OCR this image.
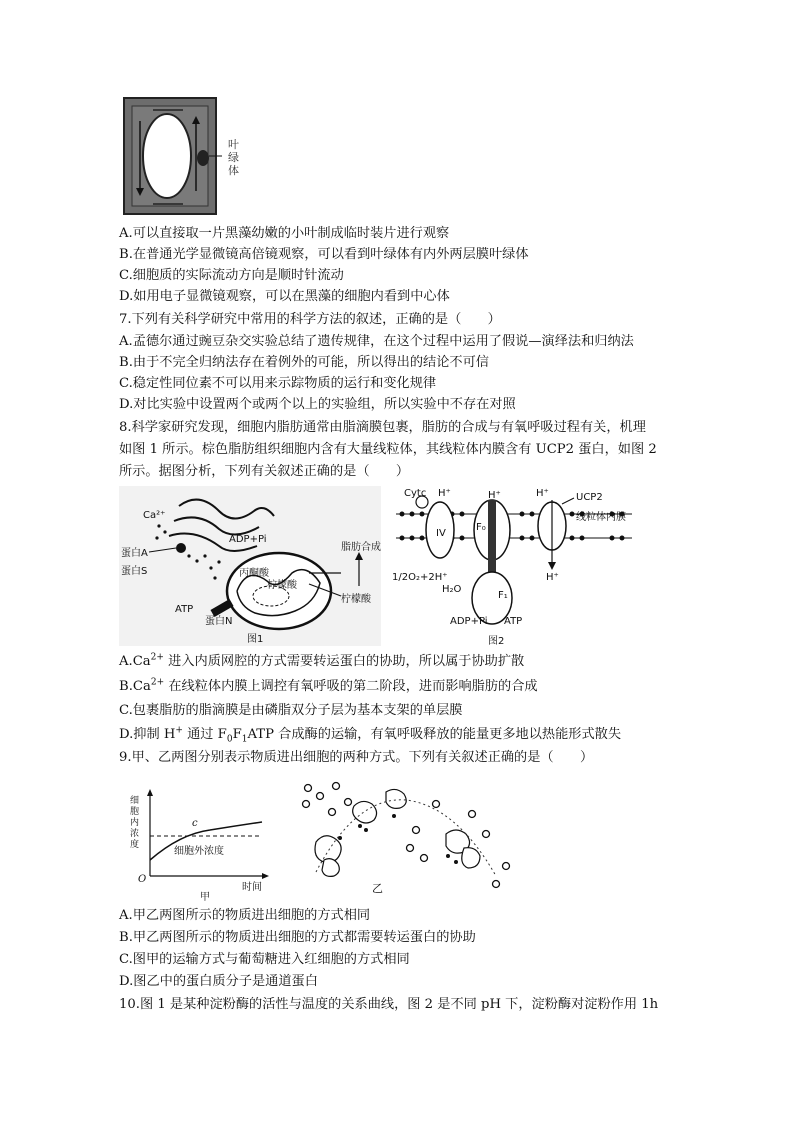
叶绿体
A.可以直接取一片黑藻幼嫩的小叶制成临时装片进行观察
B.在普通光学显微镜高倍镜观察，可以看到叶绿体有内外两层膜叶绿体
C.细胞质的实际流动方向是顺时针流动
D.如用电子显微镜观察，可以在黑藻的细胞内看到中心体
7.下列有关科学研究中常用的科学方法的叙述，正确的是（　　）
A.孟德尔通过豌豆杂交实验总结了遗传规律，在这个过程中运用了假说—演绎法和归纳法
B.由于不完全归纳法存在着例外的可能，所以得出的结论不可信
C.稳定性同位素不可以用来示踪物质的运行和变化规律
D.对比实验中设置两个或两个以上的实验组，所以实验中不存在对照
8.科学家研究发现，细胞内脂肪通常由脂滴膜包裹，脂肪的合成与有氧呼吸过程有关，机理
如图 1 所示。棕色脂肪组织细胞内含有大量线粒体，其线粒体内膜含有 UCP2 蛋白，如图 2
所示。据图分析，下列有关叙述正确的是（　　）
Ca²⁺
ADP+Pi
蛋白A
蛋白S
ATP
丙酮酸
柠檬酸
脂肪合成
柠檬酸
蛋白N
图1
Cytc H⁺	H⁺	H⁺	UCP2
线粒体内膜
IV
F₀
1/2O₂+2H⁺
H₂O
F₁
H⁺
ADP+Pi ATP
图2
$A.Ca^{2+}$ 进入内质网腔的方式需要转运蛋白的协助，所以属于协助扩散
$B.Ca^{2+}$ 在线粒体内膜上调控有氧呼吸的第二阶段，进而影响脂肪的合成
C.包裹脂肪的脂滴膜是由磷脂双分子层为基本支架的单层膜
D.抑制 H+ 通过 $F_0F_1ATP$ 合成酶的运输，有氧呼吸释放的能量更多地以热能形式散失
9.甲、乙两图分别表示物质进出细胞的两种方式。下列有关叙述正确的是（　　）
细胞内浓度
c
细胞外浓度
O
时间
甲
乙
A.甲乙两图所示的物质进出细胞的方式相同
B.甲乙两图所示的物质进出细胞的方式都需要转运蛋白的协助
C.图甲的运输方式与葡萄糖进入红细胞的方式相同
D.图乙中的蛋白质分子是通道蛋白
10.图 1 是某种淀粉酶的活性与温度的关系曲线，图 2 是不同 pH 下，淀粉酶对淀粉作用 1h
